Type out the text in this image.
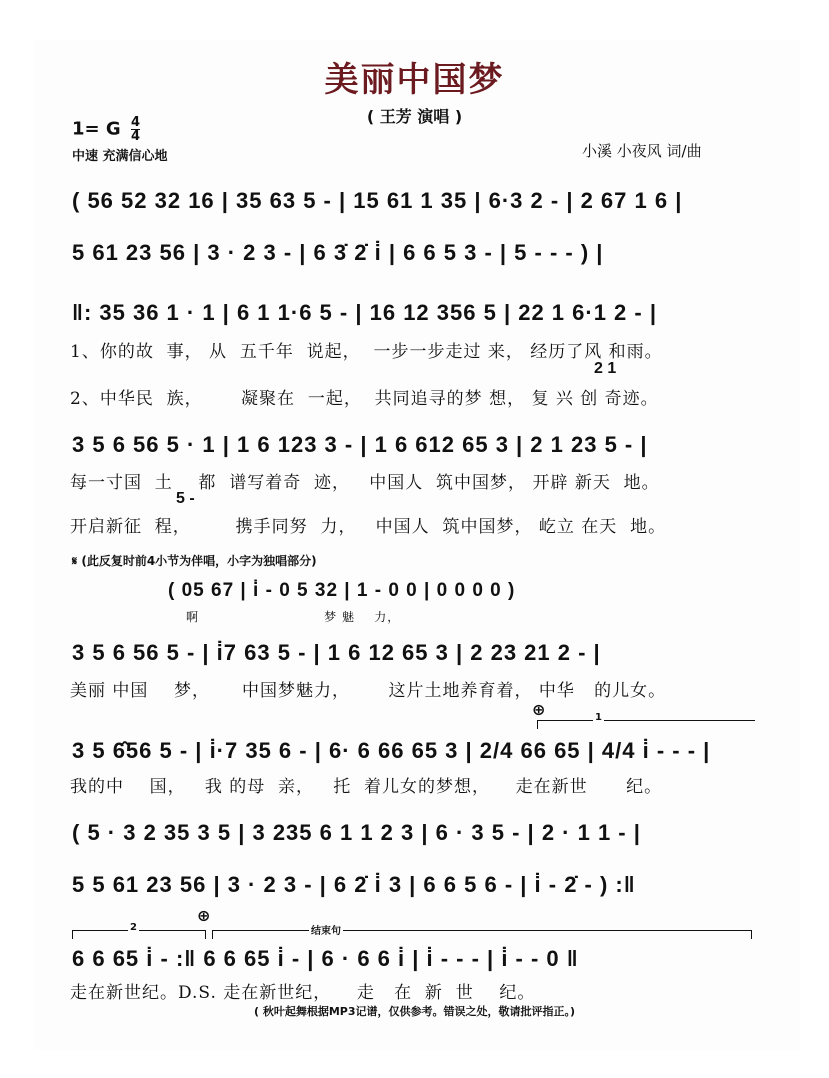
美丽中国梦
( 王芳 演唱 )
1= G $\frac{4}{4}$
中速 充满信心地	小溪 小夜风 词/曲
( 56 52 32 16 | 35 63 5 - | 15 61 1 35 | 6·3 2 - | 2 67 1 6 |
5 61 23 56 | 3 · 2 3 - | 6 3̇ 2̇ i̇ | 6 6 5 3 - | 5 - - - ) |
‖: 35 36 1 · 1 | 6 1 1·6 5 - | 16 12 356 5 | 22 1 6·1 2 - |
1、你的故  事， 从  五千年  说起，  一步一步走过 来， 经历了风 和雨。
2 1
2、中华民  族，      凝聚在  一起，  共同追寻的梦 想， 复 兴 创 奇迹。
3 5 6 56 5 · 1 | 1 6 123 3 - | 1 6 612 65 3 | 2 1 23 5 - |
每一寸国  土    都  谱写着奇  迹，   中国人  筑中国梦， 开辟 新天  地。
5 -
开启新征  程，       携手同努  力，   中国人  筑中国梦， 屹立 在天  地。
𝄋 (此反复时前4小节为伴唱，小字为独唱部分)
( 05 67 | i̇ - 0 5 32 | 1 - 0 0 | 0 0 0 0 )
啊                          梦 魅    力，
3 5 6 56 5 - | i̇7 63 5 - | 1 6 12 65 3 | 2 23 21 2 - |
美丽 中国    梦，     中国梦魅力，      这片土地养育着， 中华   的儿女。
⊕	1
3 5 6̂56 5 - | i̇·7 35 6 - | 6· 6 66 65 3 | 2/4 66 65 | 4/4 i̇ - - - |
我的中    国，   我 的母  亲，   托  着儿女的梦想，    走在新世      纪。
( 5 · 3 2 35 3 5 | 3 235 6 1 1 2 3 | 6 · 3 5 - | 2 · 1 1 - |
5 5 61 23 56 | 3 · 2 3 - | 6 2̇ i̇ 3 | 6 6 5 6 - | i̇ - 2̇ - ) :‖
⊕
2	结束句
6 6 65 i̇ - :‖ 6 6 65 i̇ - | 6 · 6 6 i̇ | i̇ - - - | i̇ - - 0 ‖
走在新世纪。D.S. 走在新世纪，    走   在  新  世    纪。
( 秋叶起舞根据MP3记谱，仅供参考。错误之处，敬请批评指正。)
